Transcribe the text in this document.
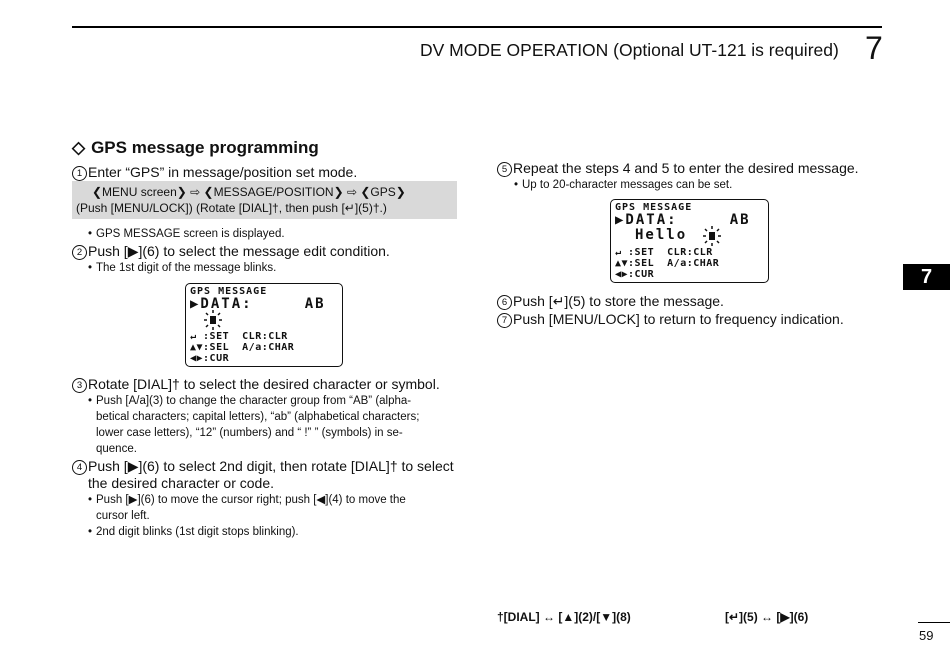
DV MODE OPERATION (Optional UT-121 is required) 7
7
◇ GPS message programming
1 Enter “GPS” in message/position set mode.
❮MENU screen❯ ⇨ ❮MESSAGE/POSITION❯ ⇨ ❮GPS❯
(Push [MENU/LOCK]) (Rotate [DIAL]†, then push [↵](5)†.)
• GPS MESSAGE screen is displayed.
2 Push [▶](6) to select the message edit condition.
• The 1st digit of the message blinks.
GPS MESSAGE
▶DATA:     AB
↵ :SET  CLR:CLR
▲▼:SEL  A/a:CHAR
◀▶:CUR
3 Rotate [DIAL]† to select the desired character or symbol.
• Push [A/a](3) to change the character group from “AB” (alpha-
betical characters; capital letters), “ab” (alphabetical characters;
lower case letters), “12” (numbers) and “ !” ” (symbols) in se-
quence.
4 Push [▶](6) to select 2nd digit, then rotate [DIAL]† to select
the desired character or code.
• Push [▶](6) to move the cursor right; push [◀](4) to move the
cursor left.
• 2nd digit blinks (1st digit stops blinking).
5 Repeat the steps 4 and 5 to enter the desired message.
• Up to 20-character messages can be set.
GPS MESSAGE
▶DATA:     AB
Hello
↵ :SET  CLR:CLR
▲▼:SEL  A/a:CHAR
◀▶:CUR
6 Push [↵](5) to store the message.
7 Push [MENU/LOCK] to return to frequency indication.
†[DIAL] ↔ [▲](2)/[▼](8)	[↵](5) ↔ [▶](6)
59
